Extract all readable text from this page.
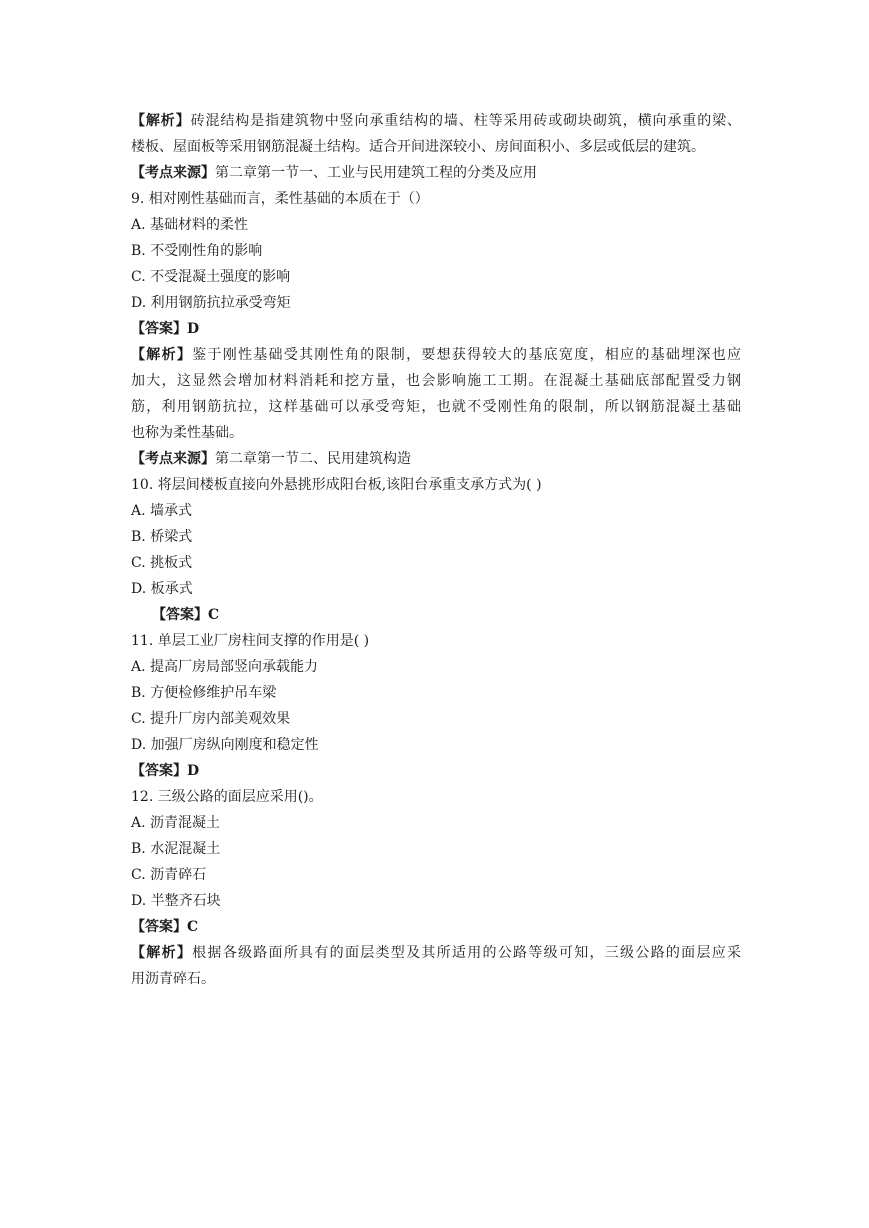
【解析】砖混结构是指建筑物中竖向承重结构的墙、柱等采用砖或砌块砌筑，横向承重的梁、
楼板、屋面板等采用钢筋混凝土结构。适合开间进深较小、房间面积小、多层或低层的建筑。
【考点来源】第二章第一节一、工业与民用建筑工程的分类及应用
9. 相对刚性基础而言，柔性基础的本质在于（）
A. 基础材料的柔性
B. 不受刚性角的影响
C. 不受混凝土强度的影响
D. 利用钢筋抗拉承受弯矩
【答案】D
【解析】鉴于刚性基础受其刚性角的限制，要想获得较大的基底宽度，相应的基础埋深也应
加大，这显然会增加材料消耗和挖方量，也会影响施工工期。在混凝土基础底部配置受力钢
筋，利用钢筋抗拉，这样基础可以承受弯矩，也就不受刚性角的限制，所以钢筋混凝土基础
也称为柔性基础。
【考点来源】第二章第一节二、民用建筑构造
10. 将层间楼板直接向外悬挑形成阳台板,该阳台承重支承方式为( )
A. 墙承式
B. 桥梁式
C. 挑板式
D. 板承式
【答案】C
11. 单层工业厂房柱间支撑的作用是( )
A. 提高厂房局部竖向承载能力
B. 方便检修维护吊车梁
C. 提升厂房内部美观效果
D. 加强厂房纵向刚度和稳定性
【答案】D
12. 三级公路的面层应采用()。
A. 沥青混凝土
B. 水泥混凝土
C. 沥青碎石
D. 半整齐石块
【答案】C
【解析】根据各级路面所具有的面层类型及其所适用的公路等级可知，三级公路的面层应采
用沥青碎石。
